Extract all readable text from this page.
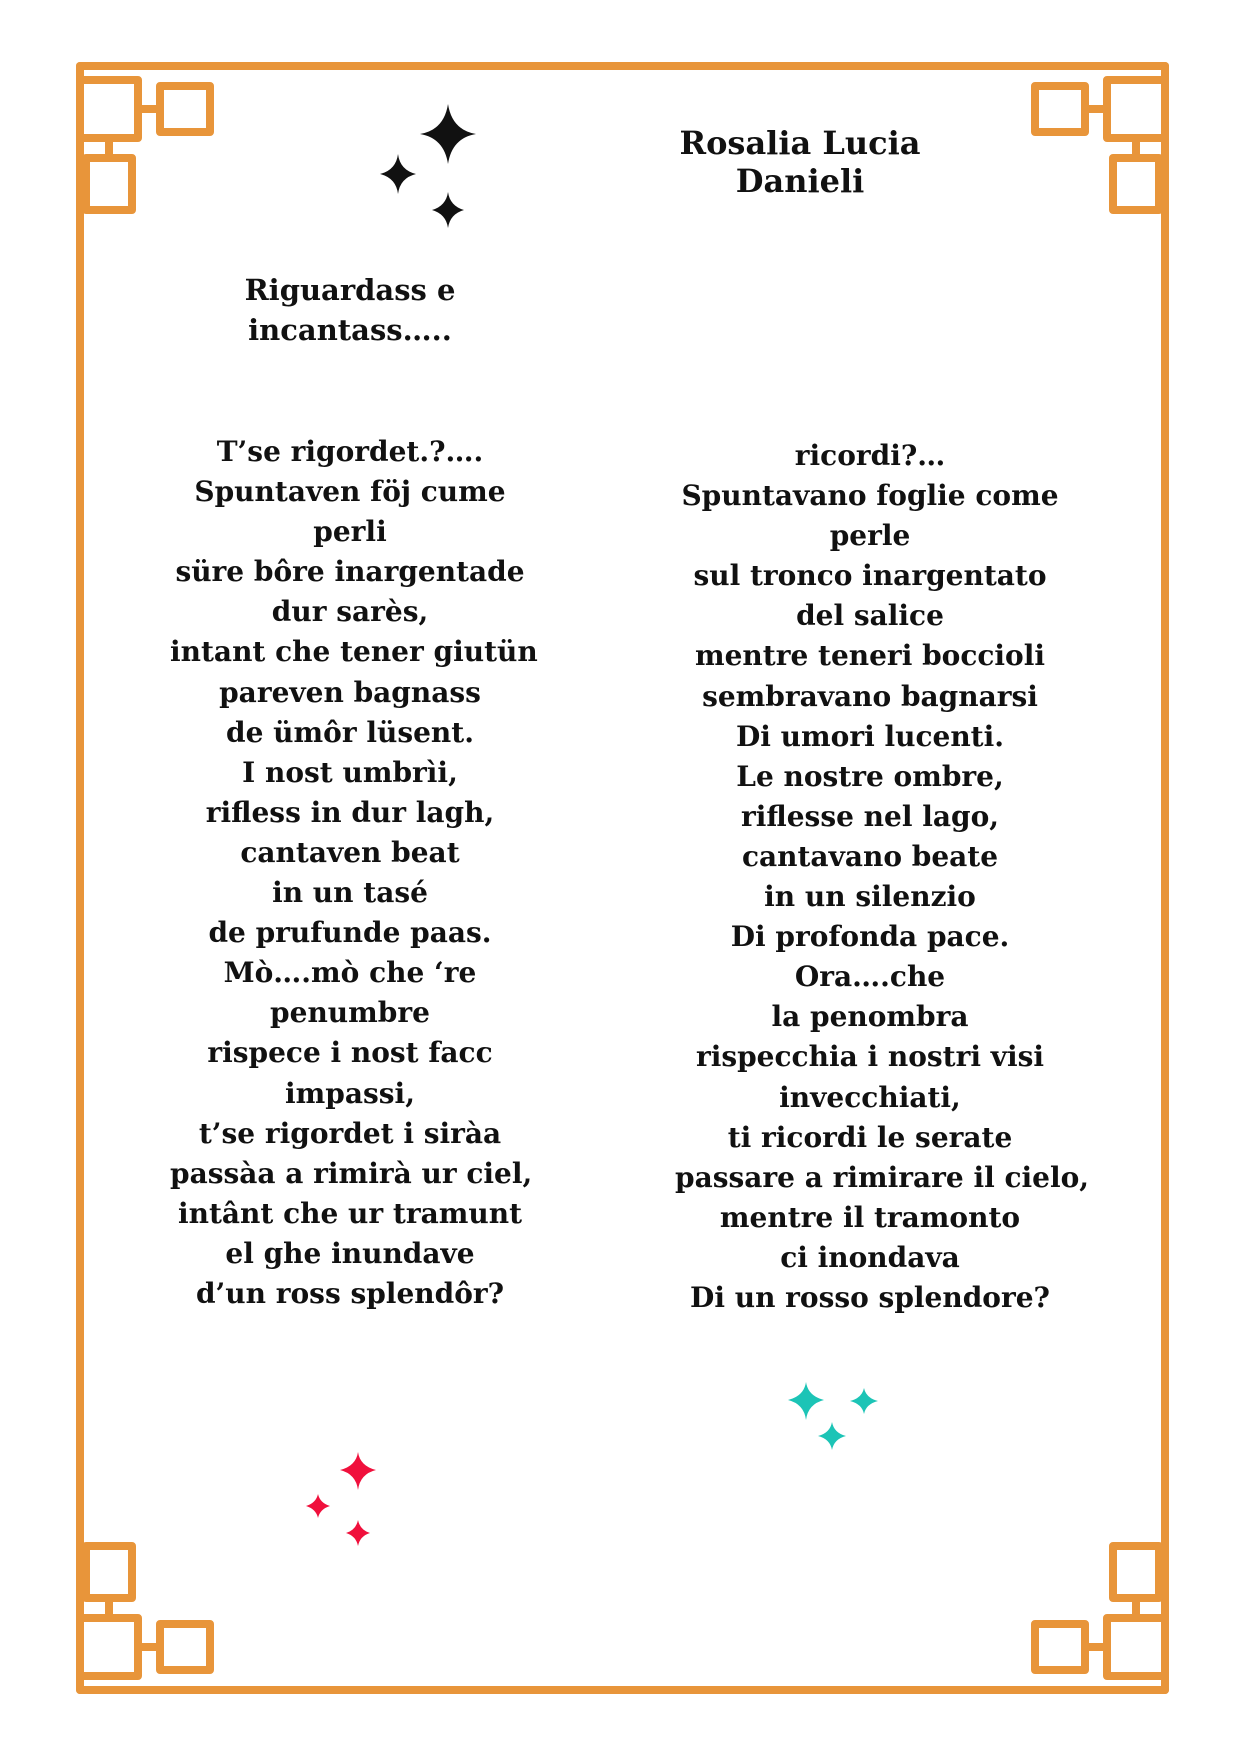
Rosalia Lucia Danieli
Riguardass e
incantass…..
T’se rigordet.?….
Spuntaven föj cume
perli
süre bôre inargentade
dur sarès,
intant che tener giutün
pareven bagnass
de ümôr lüsent.
I nost umbrìi,
rifless in dur lagh,
cantaven beat
in un tasé
de prufunde paas.
Mò….mò che ‘re
penumbre
rispece i nost facc
impassi,
t’se rigordet i siràa
passàa a rimirà ur ciel,
intânt che ur tramunt
el ghe inundave
d’un ross splendôr?
ricordi?…
Spuntavano foglie come
perle
sul tronco inargentato
del salice
mentre teneri boccioli
sembravano bagnarsi
Di umori lucenti.
Le nostre ombre,
riflesse nel lago,
cantavano beate
in un silenzio
Di profonda pace.
Ora….che
la penombra
rispecchia i nostri visi
invecchiati,
ti ricordi le serate
passare a rimirare il cielo,
mentre il tramonto
ci inondava
Di un rosso splendore?
